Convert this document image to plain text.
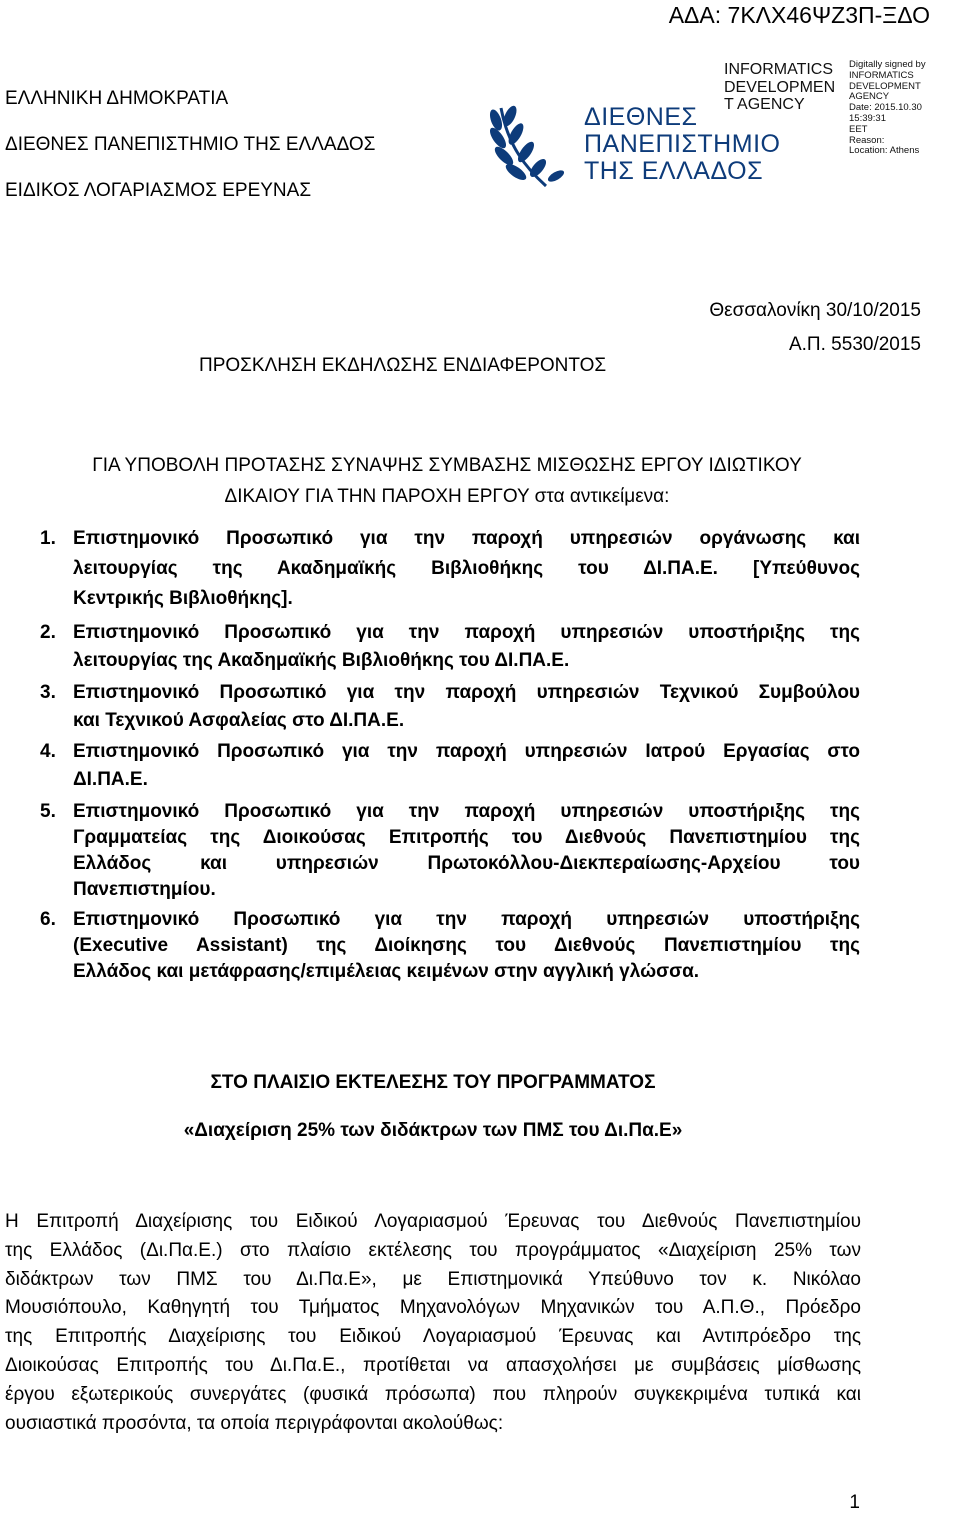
ΑΔΑ: 7ΚΛΧ46ΨΖ3Π-ΞΔΟ
ΕΛΛΗΝΙΚΗ ΔΗΜΟΚΡΑΤΙΑ
ΔΙΕΘΝΕΣ ΠΑΝΕΠΙΣΤΗΜΙΟ ΤΗΣ ΕΛΛΑΔΟΣ
ΕΙΔΙΚΟΣ ΛΟΓΑΡΙΑΣΜΟΣ ΕΡΕΥΝΑΣ
ΔΙΕΘΝΕΣ
ΠΑΝΕΠΙΣΤΗΜΙΟ
ΤΗΣ ΕΛΛΑΔΟΣ
INFORMATICS
DEVELOPMEN
T AGENCY
Digitally signed by
INFORMATICS
DEVELOPMENT AGENCY
Date: 2015.10.30 15:39:31
EET
Reason:
Location: Athens
Θεσσαλονίκη 30/10/2015
Α.Π. 5530/2015
ΠΡΟΣΚΛΗΣΗ ΕΚΔΗΛΩΣΗΣ ΕΝΔΙΑΦΕΡΟΝΤΟΣ
ΓΙΑ ΥΠΟΒΟΛΗ ΠΡΟΤΑΣΗΣ ΣΥΝΑΨΗΣ ΣΥΜΒΑΣΗΣ ΜΙΣΘΩΣΗΣ ΕΡΓΟΥ ΙΔΙΩΤΙΚΟΥ
ΔΙΚΑΙΟΥ ΓΙΑ ΤΗΝ ΠΑΡΟΧΗ ΕΡΓΟΥ στα αντικείμενα:
1. Επιστημονικό Προσωπικό για την παροχή υπηρεσιών οργάνωσης και
λειτουργίας της Ακαδημαϊκής Βιβλιοθήκης του ΔΙ.ΠΑ.Ε. [Υπεύθυνος
Κεντρικής Βιβλιοθήκης].
2. Επιστημονικό Προσωπικό για την παροχή υπηρεσιών υποστήριξης της
λειτουργίας της Ακαδημαϊκής Βιβλιοθήκης του ΔΙ.ΠΑ.Ε.
3. Επιστημονικό Προσωπικό για την παροχή υπηρεσιών Τεχνικού Συμβούλου
και Τεχνικού Ασφαλείας στο ΔΙ.ΠΑ.Ε.
4. Επιστημονικό Προσωπικό για την παροχή υπηρεσιών Ιατρού Εργασίας στο
ΔΙ.ΠΑ.Ε.
5. Επιστημονικό Προσωπικό για την παροχή υπηρεσιών υποστήριξης της
Γραμματείας της Διοικούσας Επιτροπής του Διεθνούς Πανεπιστημίου της
Ελλάδος και υπηρεσιών Πρωτοκόλλου-Διεκπεραίωσης-Αρχείου του
Πανεπιστημίου.
6. Επιστημονικό Προσωπικό για την παροχή υπηρεσιών υποστήριξης
(Executive Assistant) της Διοίκησης του Διεθνούς Πανεπιστημίου της
Ελλάδος και μετάφρασης/επιμέλειας κειμένων στην αγγλική γλώσσα.
ΣΤΟ ΠΛΑΙΣΙΟ ΕΚΤΕΛΕΣΗΣ ΤΟΥ ΠΡΟΓΡΑΜΜΑΤΟΣ
«Διαχείριση 25% των διδάκτρων των ΠΜΣ του Δι.Πα.Ε»
Η Επιτροπή Διαχείρισης του Ειδικού Λογαριασμού Έρευνας του Διεθνούς Πανεπιστημίου
της Ελλάδος (Δι.Πα.Ε.) στο πλαίσιο εκτέλεσης του προγράμματος «Διαχείριση 25% των
διδάκτρων των ΠΜΣ του Δι.Πα.Ε», με Επιστημονικά Υπεύθυνο τον κ. Νικόλαο
Μουσιόπουλο, Καθηγητή του Τμήματος Μηχανολόγων Μηχανικών του Α.Π.Θ., Πρόεδρο
της Επιτροπής Διαχείρισης του Ειδικού Λογαριασμού Έρευνας και Αντιπρόεδρο της
Διοικούσας Επιτροπής του Δι.Πα.Ε., προτίθεται να απασχολήσει με συμβάσεις μίσθωσης
έργου εξωτερικούς συνεργάτες (φυσικά πρόσωπα) που πληρούν συγκεκριμένα τυπικά και
ουσιαστικά προσόντα, τα οποία περιγράφονται ακολούθως:
1
